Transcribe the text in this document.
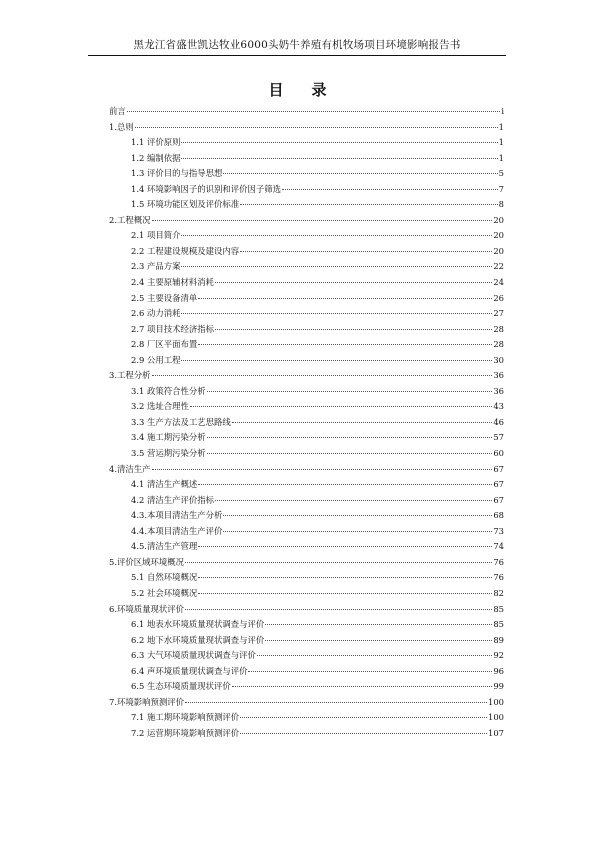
黑龙江省盛世凯达牧业6000头奶牛养殖有机牧场项目环境影响报告书
目录
前言	i
1.总则	1
1.1 评价原则	1
1.2 编制依据	1
1.3 评价目的与指导思想	5
1.4 环境影响因子的识别和评价因子筛选	7
1.5 环境功能区划及评价标准	8
2.工程概况	20
2.1 项目简介	20
2.2 工程建设规模及建设内容	20
2.3 产品方案	22
2.4 主要原辅材料消耗	24
2.5 主要设备清单	26
2.6 动力消耗	27
2.7 项目技术经济指标	28
2.8 厂区平面布置	28
2.9 公用工程	30
3.工程分析	36
3.1 政策符合性分析	36
3.2 选址合理性	43
3.3 生产方法及工艺思路线	46
3.4 施工期污染分析	57
3.5 营运期污染分析	60
4.清洁生产	67
4.1 清洁生产概述	67
4.2 清洁生产评价指标	67
4.3.本项目清洁生产分析	68
4.4.本项目清洁生产评价	73
4.5.清洁生产管理	74
5.评价区域环境概况	76
5.1 自然环境概况	76
5.2 社会环境概况	82
6.环境质量现状评价	85
6.1 地表水环境质量现状调查与评价	85
6.2 地下水环境质量现状调查与评价	89
6.3 大气环境质量现状调查与评价	92
6.4 声环境质量现状调查与评价	96
6.5 生态环境质量现状评价	99
7.环境影响预测评价	100
7.1 施工期环境影响预测评价	100
7.2 运营期环境影响预测评价	107
